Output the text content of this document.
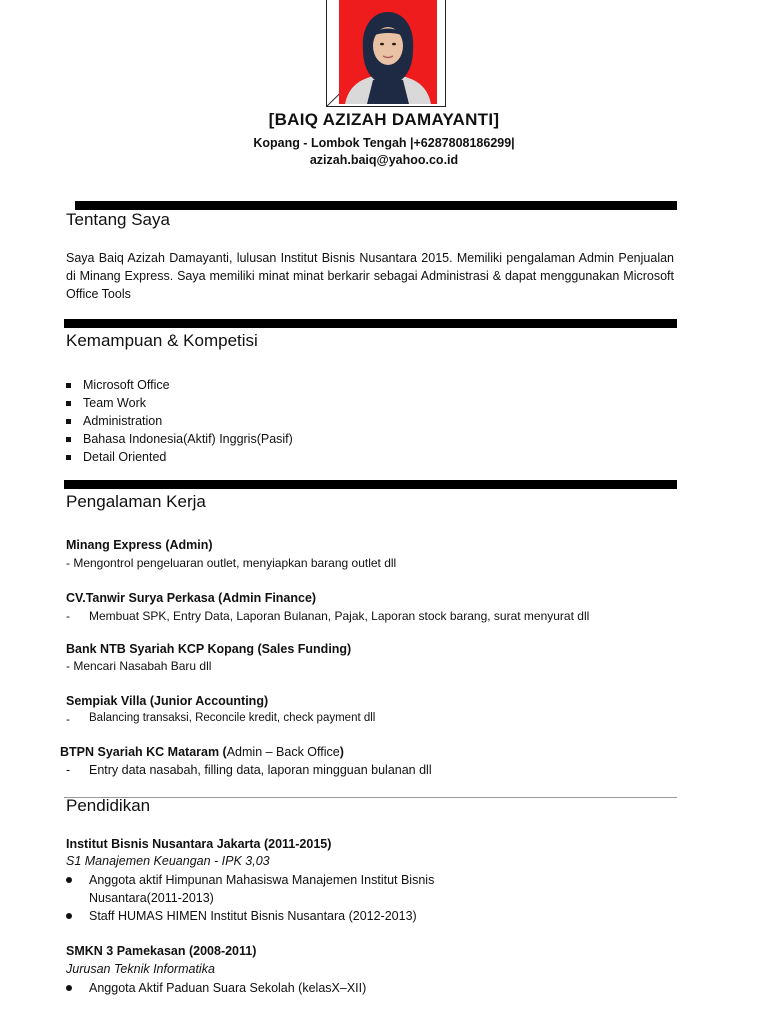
[BAIQ AZIZAH DAMAYANTI]
Kopang - Lombok Tengah |+6287808186299|
azizah.baiq@yahoo.co.id
Tentang Saya
Saya Baiq Azizah Damayanti, lulusan Institut Bisnis Nusantara 2015. Memiliki pengalaman Admin Penjualan di Minang Express. Saya memiliki minat minat berkarir sebagai Administrasi & dapat menggunakan Microsoft Office Tools
Kemampuan & Kompetisi
Microsoft Office
Team Work
Administration
Bahasa Indonesia(Aktif) Inggris(Pasif)
Detail Oriented
Pengalaman Kerja
Minang Express (Admin)
- Mengontrol pengeluaran outlet, menyiapkan barang outlet dll
CV.Tanwir Surya Perkasa (Admin Finance)
- Membuat SPK, Entry Data, Laporan Bulanan, Pajak, Laporan stock barang, surat menyurat dll
Bank NTB Syariah KCP Kopang (Sales Funding)
- Mencari Nasabah Baru dll
Sempiak Villa (Junior Accounting)
- Balancing transaksi, Reconcile kredit, check payment dll
BTPN Syariah KC Mataram (Admin – Back Office)
- Entry data nasabah, filling data, laporan mingguan bulanan dll
Pendidikan
Institut Bisnis Nusantara Jakarta (2011-2015)
S1 Manajemen Keuangan - IPK 3,03
Anggota aktif Himpunan Mahasiswa Manajemen Institut Bisnis Nusantara(2011-2013)
Staff HUMAS HIMEN Institut Bisnis Nusantara (2012-2013)
SMKN 3 Pamekasan (2008-2011)
Jurusan Teknik Informatika
Anggota Aktif Paduan Suara Sekolah (kelasX–XII)
